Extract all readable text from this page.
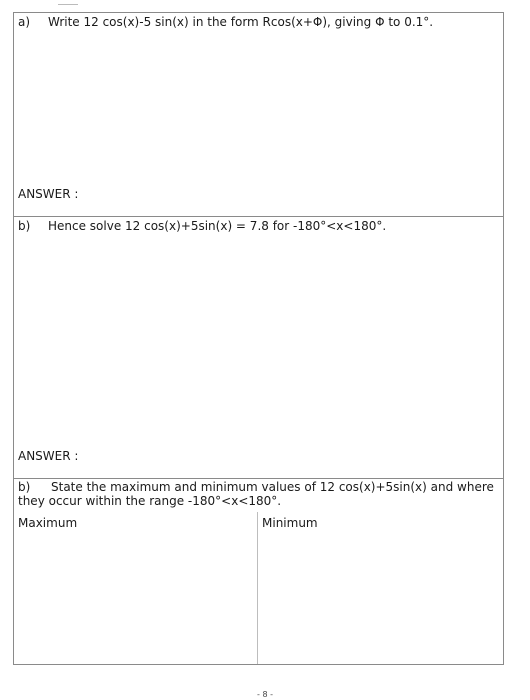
a) Write 12 cos(x)-5 sin(x) in the form Rcos(x+Φ), giving Φ to 0.1°.
ANSWER :
b) Hence solve 12 cos(x)+5sin(x) = 7.8 for -180°<x<180°.
ANSWER :
b) State the maximum and minimum values of 12 cos(x)+5sin(x) and where they occur within the range -180°<x<180°.
Maximum	Minimum
- 8 -
